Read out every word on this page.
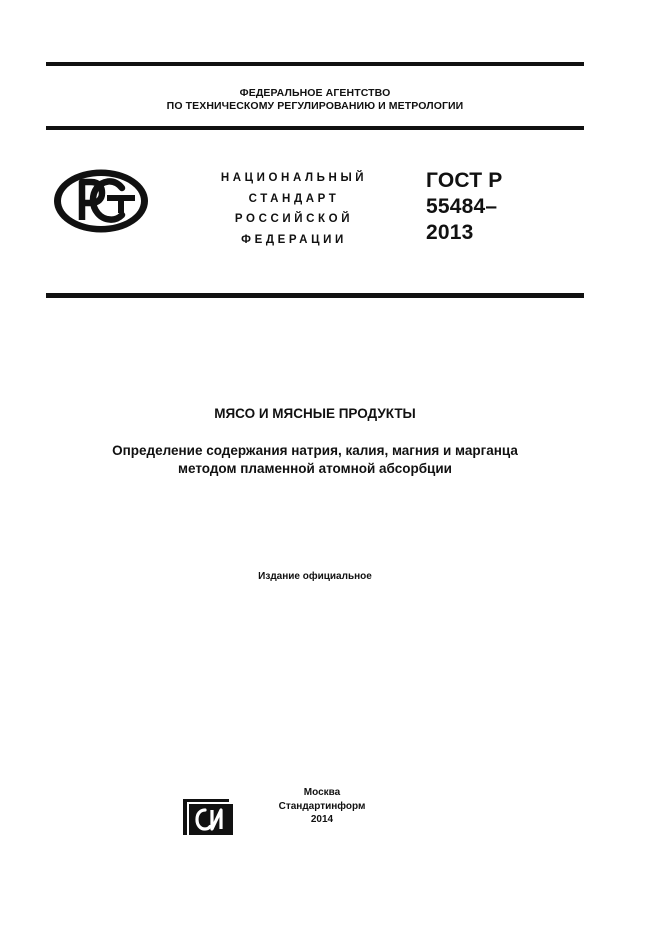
ФЕДЕРАЛЬНОЕ АГЕНТСТВО
ПО ТЕХНИЧЕСКОМУ РЕГУЛИРОВАНИЮ И МЕТРОЛОГИИ
НАЦИОНАЛЬНЫЙ
СТАНДАРТ
РОССИЙСКОЙ
ФЕДЕРАЦИИ
ГОСТ Р
55484–
2013
МЯСО И МЯСНЫЕ ПРОДУКТЫ
Определение содержания натрия, калия, магния и марганца
методом пламенной атомной абсорбции
Издание официальное
Москва
Стандартинформ
2014
